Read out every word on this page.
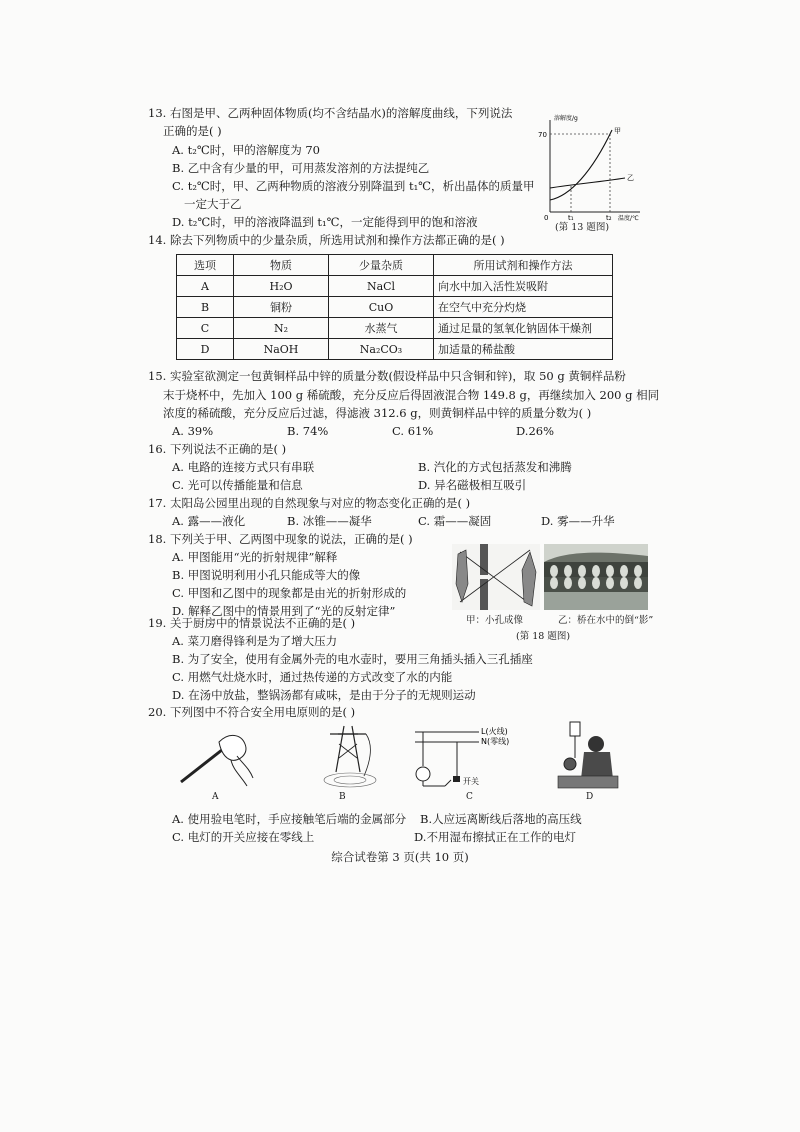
13. 右图是甲、乙两种固体物质(均不含结晶水)的溶解度曲线，下列说法
正确的是( )
A. t₂℃时，甲的溶解度为 70
B. 乙中含有少量的甲，可用蒸发溶剂的方法提纯乙
C. t₂℃时，甲、乙两种物质的溶液分别降温到 t₁℃，析出晶体的质量甲
一定大于乙
D. t₂℃时，甲的溶液降温到 t₁℃，一定能得到甲的饱和溶液
溶解度/g
70
0	t₁	t₂ 温度/℃
甲
乙
(第 13 题图)
14. 除去下列物质中的少量杂质，所选用试剂和操作方法都正确的是( )
选项	物质	少量杂质	所用试剂和操作方法
A	H₂O	NaCl	向水中加入活性炭吸附
B	铜粉	CuO	在空气中充分灼烧
C	N₂	水蒸气	通过足量的氢氧化钠固体干燥剂
D	NaOH	Na₂CO₃	加适量的稀盐酸
15. 实验室欲测定一包黄铜样品中锌的质量分数(假设样品中只含铜和锌)，取 50 g 黄铜样品粉
末于烧杯中，先加入 100 g 稀硫酸，充分反应后得固液混合物 149.8 g，再继续加入 200 g 相同
浓度的稀硫酸，充分反应后过滤，得滤液 312.6 g，则黄铜样品中锌的质量分数为( )
A. 39%	B. 74%	C. 61%	D.26%
16. 下列说法不正确的是( )
A. 电路的连接方式只有串联	B. 汽化的方式包括蒸发和沸腾
C. 光可以传播能量和信息	D. 异名磁极相互吸引
17. 太阳岛公园里出现的自然现象与对应的物态变化正确的是( )
A. 露——液化	B. 冰锥——凝华	C. 霜——凝固	D. 雾——升华
18. 下列关于甲、乙两图中现象的说法，正确的是( )
A. 甲图能用“光的折射规律”解释
B. 甲图说明利用小孔只能成等大的像
C. 甲图和乙图中的现象都是由光的折射形成的
D. 解释乙图中的情景用到了“光的反射定律”
甲：小孔成像	乙：桥在水中的倒“影”
(第 18 题图)
19. 关于厨房中的情景说法不正确的是( )
A. 菜刀磨得锋利是为了增大压力
B. 为了安全，使用有金属外壳的电水壶时，要用三角插头插入三孔插座
C. 用燃气灶烧水时，通过热传递的方式改变了水的内能
D. 在汤中放盐，整锅汤都有咸味，是由于分子的无规则运动
20. 下列图中不符合安全用电原则的是( )
L(火线)
N(零线)
开关
A	B	C	D
A. 使用验电笔时，手应接触笔后端的金属部分 B.人应远离断线后落地的高压线
C. 电灯的开关应接在零线上	D.不用湿布擦拭正在工作的电灯
综合试卷第 3 页(共 10 页)
